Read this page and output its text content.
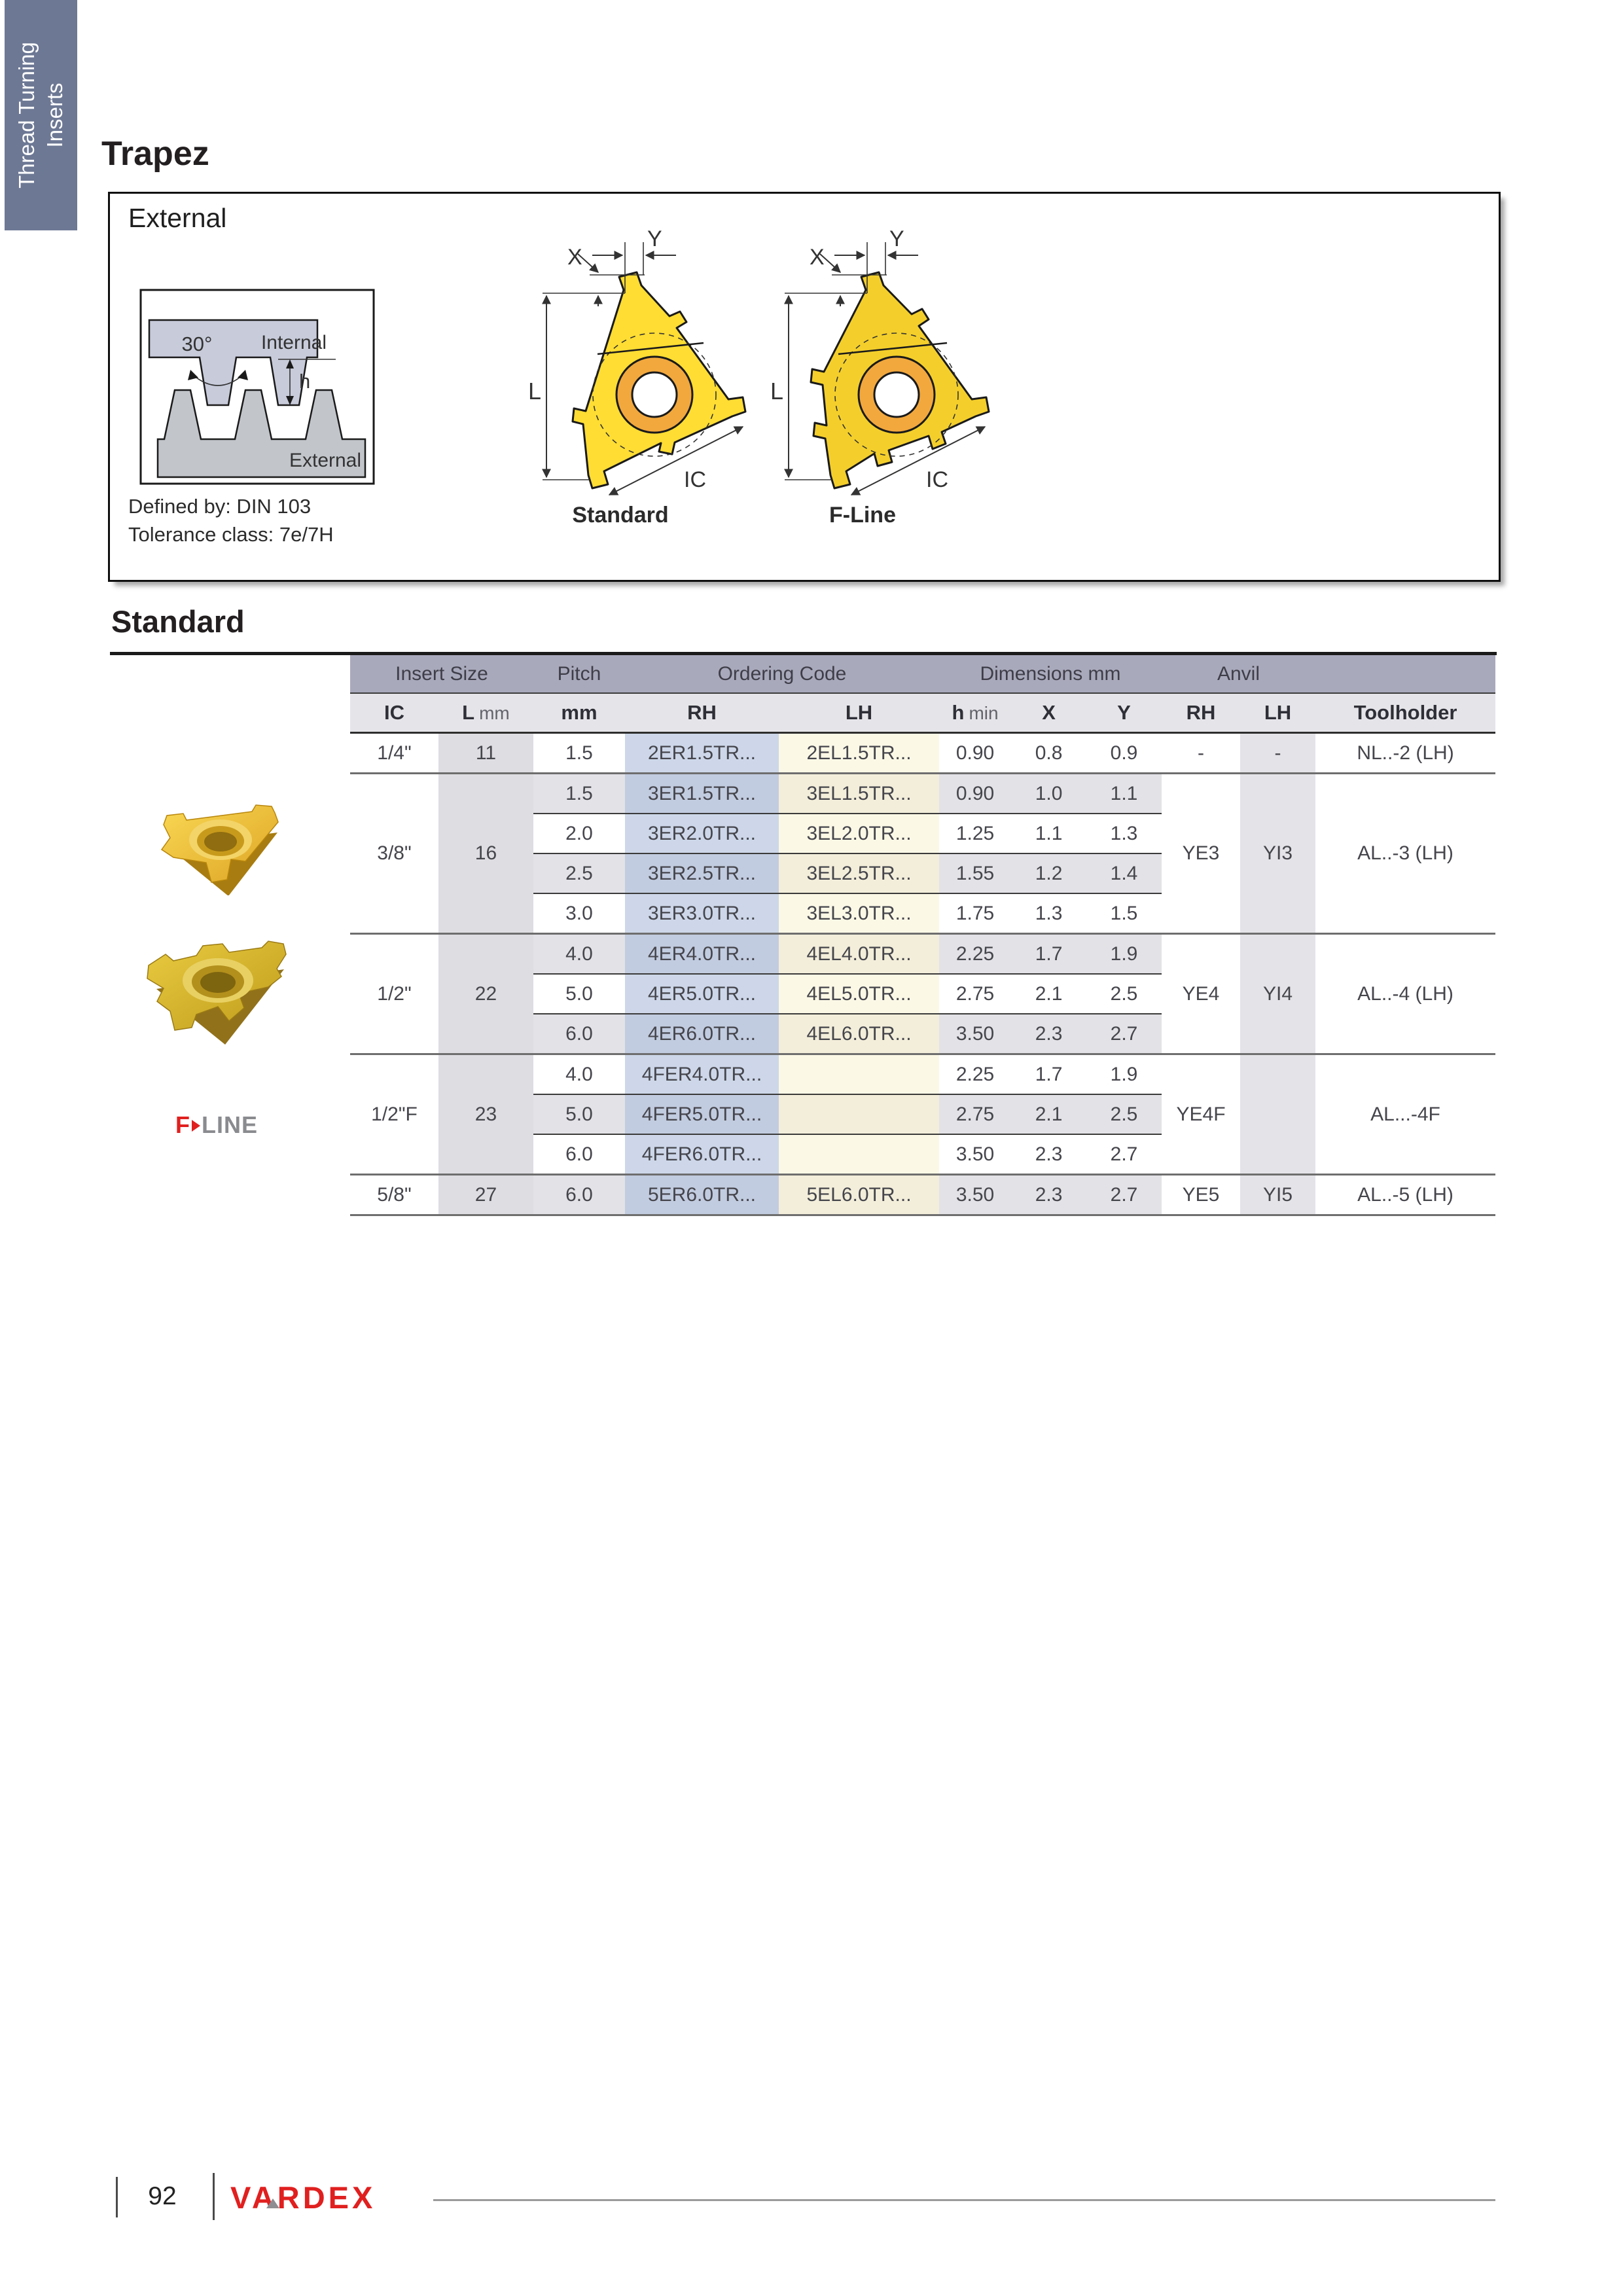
Thread Turning Inserts
Trapez
External
30° Internal
h
External
L
X
Y
IC
L
X
Y
IC
Standard	F-Line
Defined by: DIN 103
Tolerance class: 7e/7H
Standard
F LINE
Insert Size		Pitch	Ordering Code		Dimensions mm			Anvil		
IC	L mm	mm	RH	LH	h min	X	Y	RH	LH	Toolholder
1/4"	11	1.5	2ER1.5TR...	2EL1.5TR...	0.90	0.8	0.9	-	-	NL..-2 (LH)
3/8"	16	1.5	3ER1.5TR...	3EL1.5TR...	0.90	1.0	1.1	YE3	YI3	AL..-3 (LH)
		2.0	3ER2.0TR...	3EL2.0TR...	1.25	1.1	1.3			
		2.5	3ER2.5TR...	3EL2.5TR...	1.55	1.2	1.4			
		3.0	3ER3.0TR...	3EL3.0TR...	1.75	1.3	1.5			
1/2"	22	4.0	4ER4.0TR...	4EL4.0TR...	2.25	1.7	1.9	YE4	YI4	AL..-4 (LH)
		5.0	4ER5.0TR...	4EL5.0TR...	2.75	2.1	2.5			
		6.0	4ER6.0TR...	4EL6.0TR...	3.50	2.3	2.7			
1/2"F	23	4.0	4FER4.0TR...		2.25	1.7	1.9	YE4F		AL...-4F
		5.0	4FER5.0TR...		2.75	2.1	2.5			
		6.0	4FER6.0TR...		3.50	2.3	2.7			
5/8"	27	6.0	5ER6.0TR...	5EL6.0TR...	3.50	2.3	2.7	YE5	YI5	AL..-5 (LH)
92	VARDEX
